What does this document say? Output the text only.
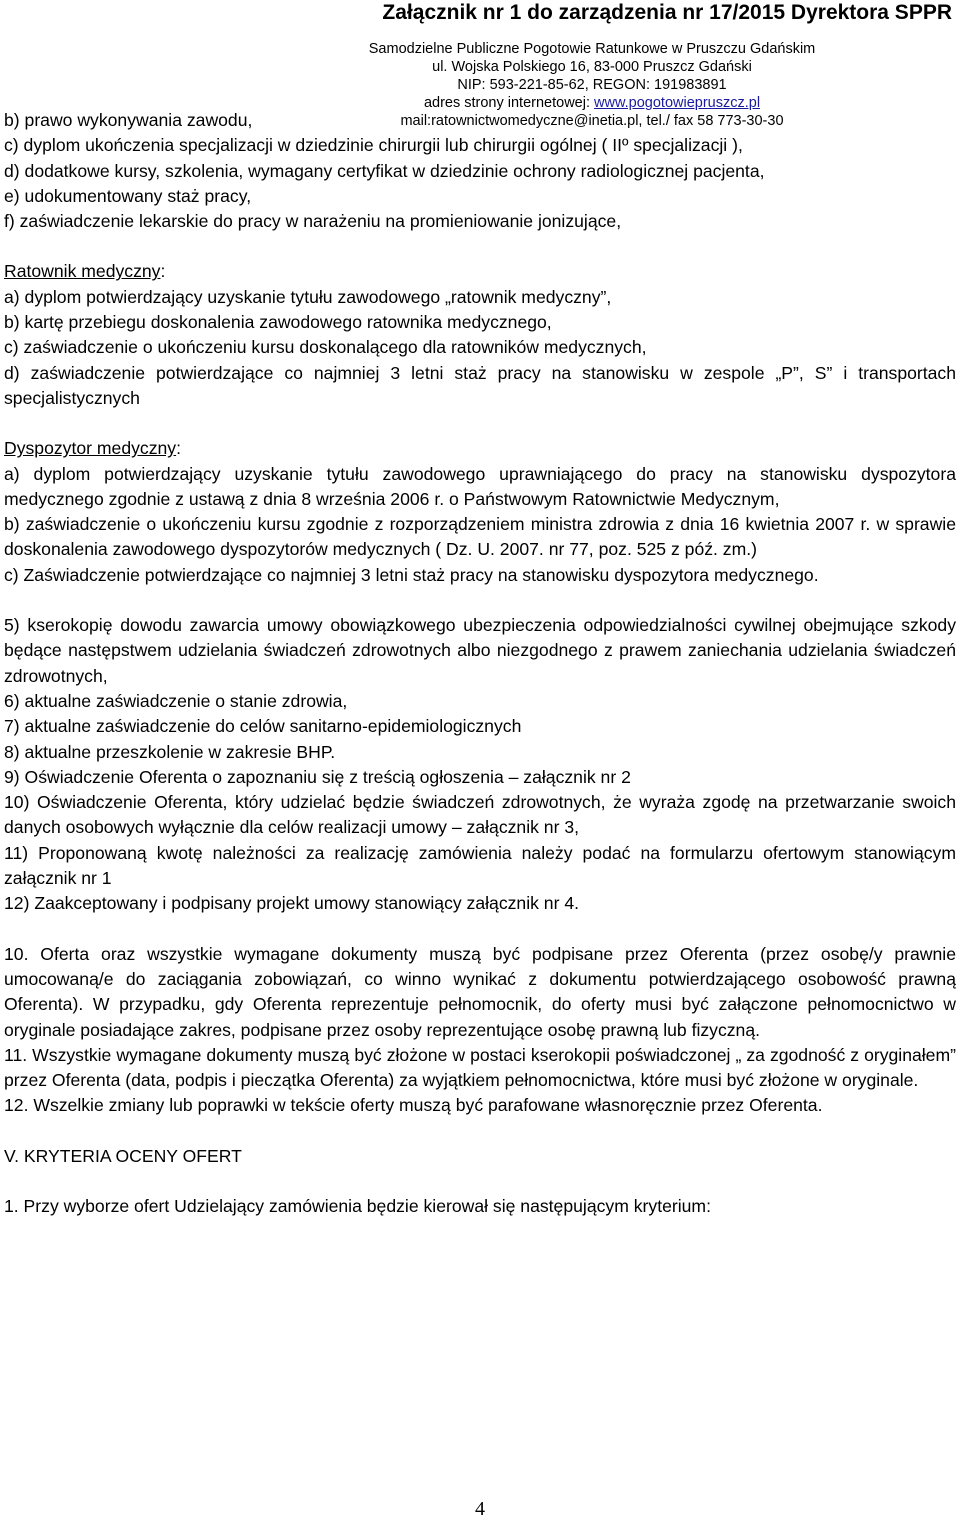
Załącznik nr 1 do zarządzenia nr 17/2015 Dyrektora SPPR
Samodzielne Publiczne Pogotowie Ratunkowe w Pruszczu Gdańskim
ul. Wojska Polskiego 16, 83-000 Pruszcz Gdański
NIP: 593-221-85-62, REGON: 191983891
adres strony internetowej: www.pogotowiepruszcz.pl
mail:ratownictwomedyczne@inetia.pl, tel./ fax 58 773-30-30

b) prawo wykonywania zawodu,

c) dyplom ukończenia specjalizacji w dziedzinie chirurgii lub chirurgii ogólnej ( IIº specjalizacji ),

d) dodatkowe kursy, szkolenia, wymagany certyfikat w dziedzinie ochrony radiologicznej pacjenta,

e) udokumentowany staż pracy,

f) zaświadczenie lekarskie do pracy w narażeniu na promieniowanie jonizujące,

Ratownik medyczny:

a) dyplom potwierdzający uzyskanie tytułu zawodowego „ratownik medyczny”,

b) kartę przebiegu doskonalenia zawodowego ratownika medycznego,

c) zaświadczenie o ukończeniu kursu doskonalącego dla ratowników medycznych,

d) zaświadczenie potwierdzające co najmniej 3 letni staż pracy na stanowisku w zespole „P”, S” i transportach specjalistycznych

Dyspozytor medyczny:

a) dyplom potwierdzający uzyskanie tytułu zawodowego uprawniającego do pracy na stanowisku dyspozytora medycznego zgodnie z ustawą z dnia 8 września 2006 r. o Państwowym Ratownictwie Medycznym,

b) zaświadczenie o ukończeniu kursu zgodnie z rozporządzeniem ministra zdrowia z dnia 16 kwietnia 2007 r. w sprawie doskonalenia zawodowego dyspozytorów medycznych ( Dz. U. 2007. nr 77, poz. 525 z póź. zm.)

c) Zaświadczenie potwierdzające co najmniej 3 letni staż pracy na stanowisku dyspozytora medycznego.

5) kserokopię dowodu zawarcia umowy obowiązkowego ubezpieczenia odpowiedzialności cywilnej obejmujące szkody będące następstwem udzielania świadczeń zdrowotnych albo niezgodnego z prawem zaniechania udzielania świadczeń zdrowotnych,

6) aktualne zaświadczenie o stanie zdrowia,

7) aktualne zaświadczenie do celów sanitarno-epidemiologicznych

8) aktualne przeszkolenie w zakresie BHP.

9) Oświadczenie Oferenta o zapoznaniu się z treścią ogłoszenia – załącznik nr 2

10) Oświadczenie Oferenta, który udzielać będzie świadczeń zdrowotnych, że wyraża zgodę na przetwarzanie swoich danych osobowych wyłącznie dla celów realizacji umowy – załącznik nr 3,

11) Proponowaną kwotę należności za realizację zamówienia należy podać na formularzu ofertowym stanowiącym załącznik nr 1

12) Zaakceptowany i podpisany projekt umowy stanowiący załącznik nr 4.

10. Oferta oraz wszystkie wymagane dokumenty muszą być podpisane przez Oferenta (przez osobę/y prawnie umocowaną/e do zaciągania zobowiązań, co winno wynikać z dokumentu potwierdzającego osobowość prawną Oferenta). W przypadku, gdy Oferenta reprezentuje pełnomocnik, do oferty musi być załączone pełnomocnictwo w oryginale posiadające zakres, podpisane przez osoby reprezentujące osobę prawną lub fizyczną.

11. Wszystkie wymagane dokumenty muszą być złożone w postaci kserokopii poświadczonej „ za zgodność z oryginałem” przez Oferenta (data, podpis i pieczątka Oferenta) za wyjątkiem pełnomocnictwa, które musi być złożone w oryginale.

12. Wszelkie zmiany lub poprawki w tekście oferty muszą być parafowane własnoręcznie przez Oferenta.

V. KRYTERIA OCENY OFERT

1. Przy wyborze ofert Udzielający zamówienia będzie kierował się następującym kryterium:

4
